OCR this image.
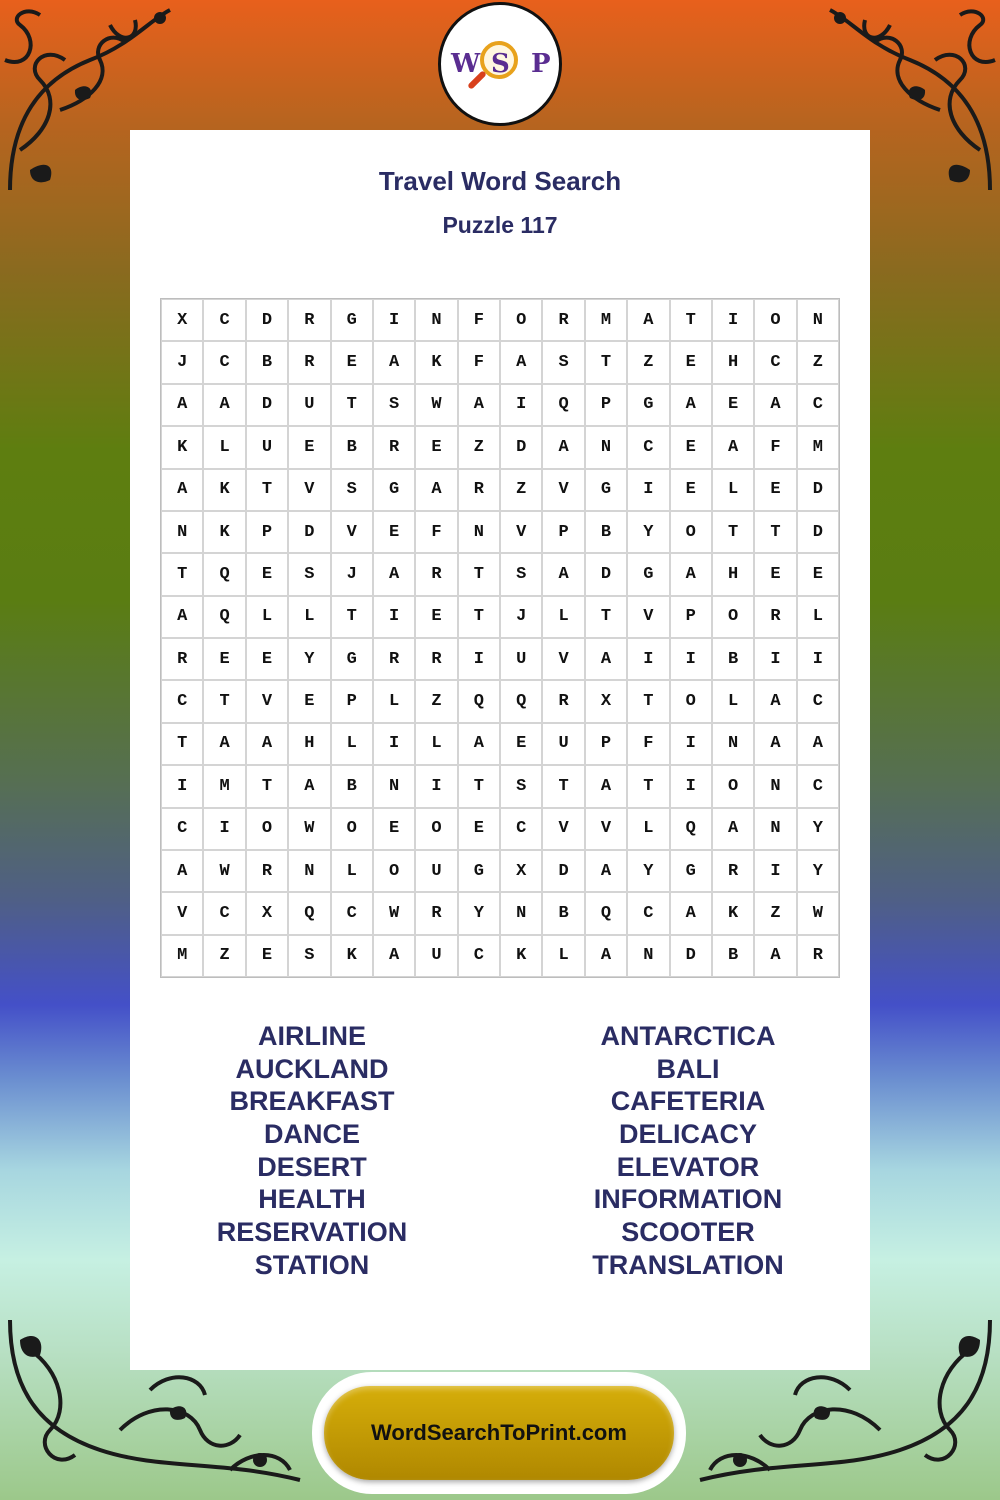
W S P
Travel Word Search
Puzzle 117
X	C	D	R	G	I	N	F	O	R	M	A	T	I	O	N
J	C	B	R	E	A	K	F	A	S	T	Z	E	H	C	Z
A	A	D	U	T	S	W	A	I	Q	P	G	A	E	A	C
K	L	U	E	B	R	E	Z	D	A	N	C	E	A	F	M
A	K	T	V	S	G	A	R	Z	V	G	I	E	L	E	D
N	K	P	D	V	E	F	N	V	P	B	Y	O	T	T	D
T	Q	E	S	J	A	R	T	S	A	D	G	A	H	E	E
A	Q	L	L	T	I	E	T	J	L	T	V	P	O	R	L
R	E	E	Y	G	R	R	I	U	V	A	I	I	B	I	I
C	T	V	E	P	L	Z	Q	Q	R	X	T	O	L	A	C
T	A	A	H	L	I	L	A	E	U	P	F	I	N	A	A
I	M	T	A	B	N	I	T	S	T	A	T	I	O	N	C
C	I	O	W	O	E	O	E	C	V	V	L	Q	A	N	Y
A	W	R	N	L	O	U	G	X	D	A	Y	G	R	I	Y
V	C	X	Q	C	W	R	Y	N	B	Q	C	A	K	Z	W
M	Z	E	S	K	A	U	C	K	L	A	N	D	B	A	R
AIRLINE
AUCKLAND
BREAKFAST
DANCE
DESERT
HEALTH
RESERVATION
STATION
ANTARCTICA
BALI
CAFETERIA
DELICACY
ELEVATOR
INFORMATION
SCOOTER
TRANSLATION
WordSearchToPrint.com
